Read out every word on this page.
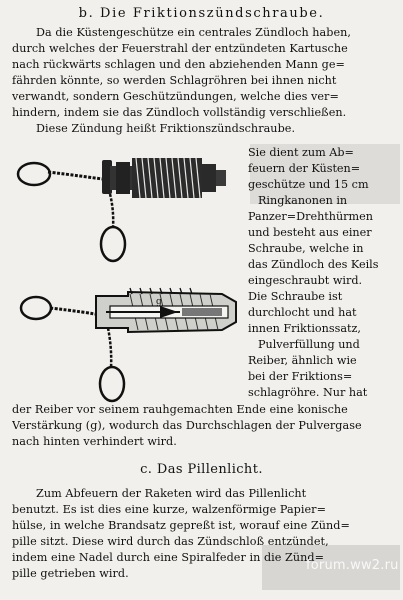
b. Die Friktionszündschraube.
Da die Küstengeschütze ein centrales Zündloch haben,
durch welches der Feuerstrahl der entzündeten Kartusche
nach rückwärts schlagen und den abziehenden Mann ge=
fährden könnte, so werden Schlagröhren bei ihnen nicht
verwandt, sondern Geschützündungen, welche dies ver=
hindern, indem sie das Zündloch vollständig verschließen.
Diese Zündung heißt Friktionszündschraube.
Sie dient zum Ab=
feuern der Küsten=
geschütze und 15 cm
Ringkanonen in
Panzer=Drehthürmen
und besteht aus einer
Schraube, welche in
das Zündloch des Keils
eingeschraubt wird.
Die Schraube ist
durchlocht und hat
innen Friktionssatz,
Pulverfüllung und
Reiber, ähnlich wie
bei der Friktions=
schlagröhre. Nur hat
g
der Reiber vor seinem rauhgemachten Ende eine konische
Verstärkung (g), wodurch das Durchschlagen der Pulvergase
nach hinten verhindert wird.
c. Das Pillenlicht.
Zum Abfeuern der Raketen wird das Pillenlicht
benutzt. Es ist dies eine kurze, walzenförmige Papier=
hülse, in welche Brandsatz gepreßt ist, worauf eine Zünd=
pille sitzt. Diese wird durch das Zündschloß entzündet,
indem eine Nadel durch eine Spiralfeder in die Zünd=
pille getrieben wird.
forum.ww2.ru
